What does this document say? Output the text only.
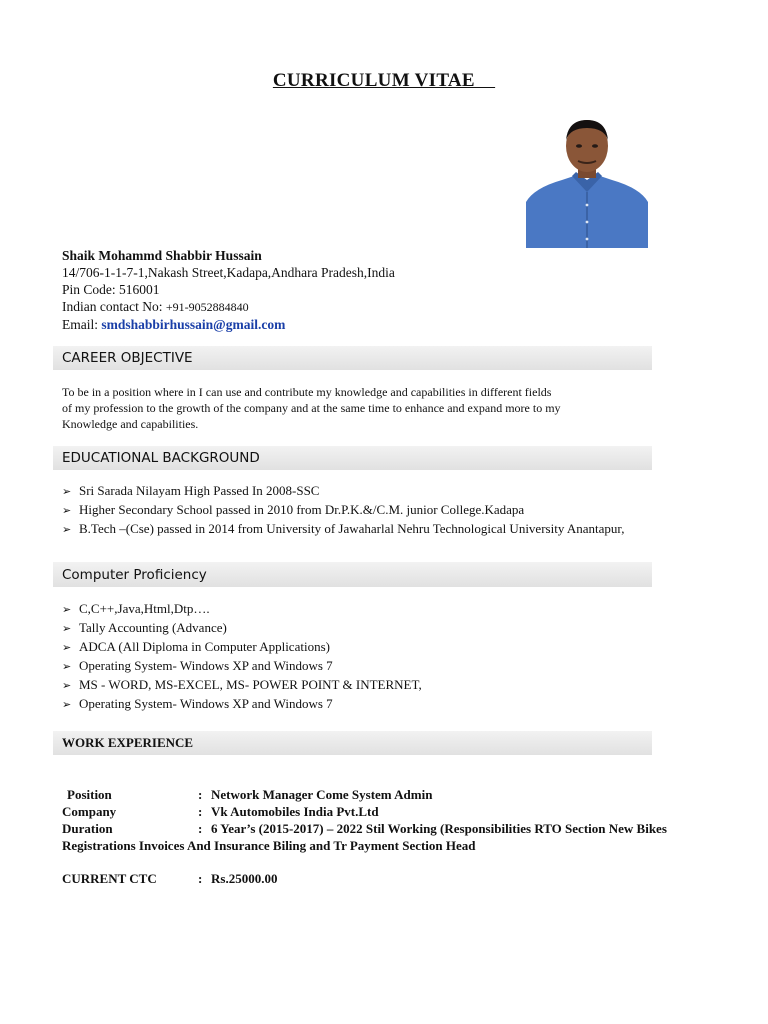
CURRICULUM VITAE
Shaik Mohammd Shabbir Hussain
14/706-1-1-7-1,Nakash Street,Kadapa,Andhara Pradesh,India
Pin Code: 516001
Indian contact No: +91-9052884840
Email: smdshabbirhussain@gmail.com
CAREER OBJECTIVE
To be in a position where in I can use and contribute my knowledge and capabilities in different fields
of my profession to the growth of the company and at the same time to enhance and expand more to my
Knowledge and capabilities.
EDUCATIONAL BACKGROUND
➢ Sri Sarada Nilayam High Passed In 2008-SSC
➢ Higher Secondary School passed in 2010 from Dr.P.K.&/C.M. junior College.Kadapa
➢ B.Tech –(Cse) passed in 2014 from University of Jawaharlal Nehru Technological University Anantapur,
Computer Proficiency
➢ C,C++,Java,Html,Dtp….
➢ Tally Accounting (Advance)
➢ ADCA (All Diploma in Computer Applications)
➢ Operating System- Windows XP and Windows 7
➢ MS - WORD, MS-EXCEL, MS- POWER POINT & INTERNET,
➢ Operating System- Windows XP and Windows 7
WORK EXPERIENCE
Position	: Network Manager Come System Admin
Company	: Vk Automobiles India Pvt.Ltd
Duration	: 6 Year’s (2015-2017) – 2022 Stil Working (Responsibilities RTO Section New Bikes
Registrations Invoices And Insurance Biling and Tr Payment Section Head
CURRENT CTC	: Rs.25000.00
